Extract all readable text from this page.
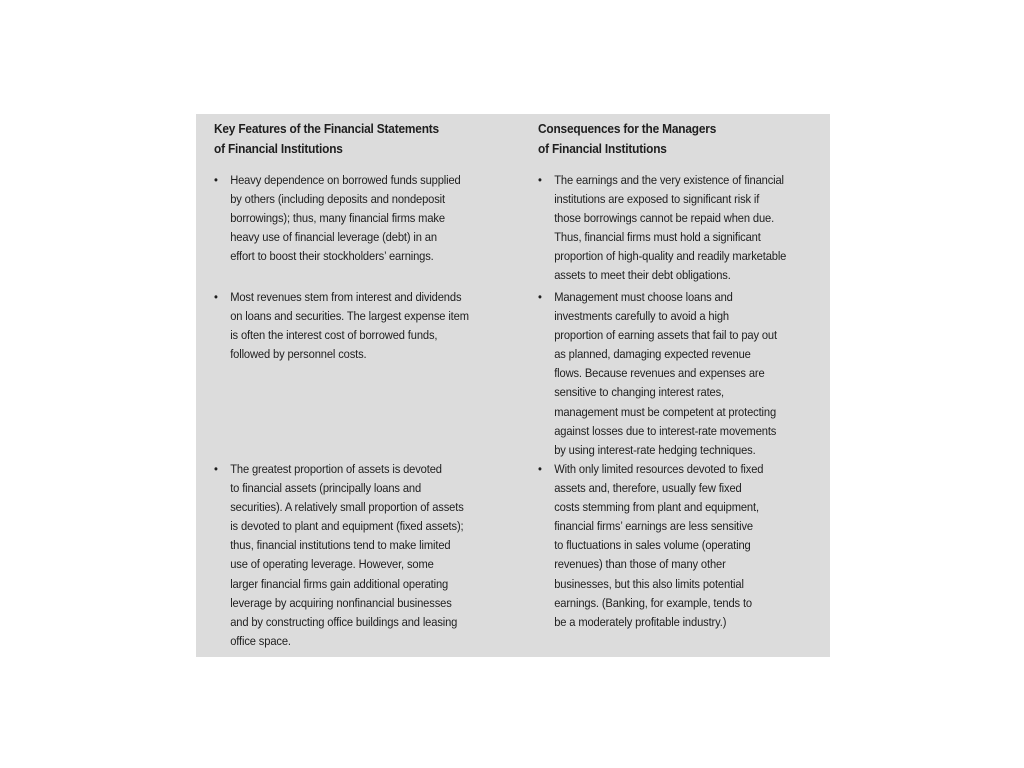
Key Features of the Financial Statements
of Financial Institutions
•	Heavy dependence on borrowed funds supplied
by others (including deposits and nondeposit
borrowings); thus, many financial firms make
heavy use of financial leverage (debt) in an
effort to boost their stockholders’ earnings.
•	Most revenues stem from interest and dividends
on loans and securities. The largest expense item
is often the interest cost of borrowed funds,
followed by personnel costs.
•	The greatest proportion of assets is devoted
to financial assets (principally loans and
securities). A relatively small proportion of assets
is devoted to plant and equipment (fixed assets);
thus, financial institutions tend to make limited
use of operating leverage. However, some
larger financial firms gain additional operating
leverage by acquiring nonfinancial businesses
and by constructing office buildings and leasing
office space.
Consequences for the Managers
of Financial Institutions
•	The earnings and the very existence of financial
institutions are exposed to significant risk if
those borrowings cannot be repaid when due.
Thus, financial firms must hold a significant
proportion of high-quality and readily marketable
assets to meet their debt obligations.
•	Management must choose loans and
investments carefully to avoid a high
proportion of earning assets that fail to pay out
as planned, damaging expected revenue
flows. Because revenues and expenses are
sensitive to changing interest rates,
management must be competent at protecting
against losses due to interest-rate movements
by using interest-rate hedging techniques.
•	With only limited resources devoted to fixed
assets and, therefore, usually few fixed
costs stemming from plant and equipment,
financial firms’ earnings are less sensitive
to fluctuations in sales volume (operating
revenues) than those of many other
businesses, but this also limits potential
earnings. (Banking, for example, tends to
be a moderately profitable industry.)
